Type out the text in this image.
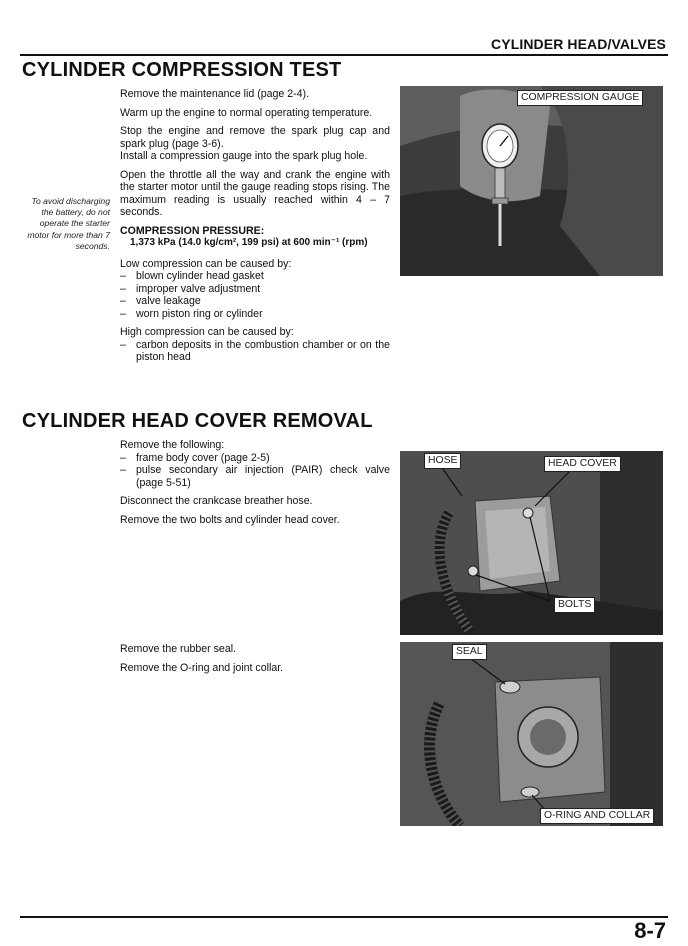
CYLINDER HEAD/VALVES
CYLINDER COMPRESSION TEST

Remove the maintenance lid (page 2-4).

Warm up the engine to normal operating temperature.

Stop the engine and remove the spark plug cap and spark plug (page 3-6).

Install a compression gauge into the spark plug hole.

Open the throttle all the way and crank the engine with the starter motor until the gauge reading stops rising. The maximum reading is usually reached within 4 – 7 seconds.

COMPRESSION PRESSURE:
1,373 kPa (14.0 kg/cm², 199 psi) at 600 min⁻¹ (rpm)

Low compression can be caused by:

– blown cylinder head gasket
– improper valve adjustment
– valve leakage
– worn piston ring or cylinder

High compression can be caused by:

– carbon deposits in the combustion chamber or on the piston head
To avoid discharging the battery, do not operate the starter motor for more than 7 seconds.
COMPRESSION GAUGE
CYLINDER HEAD COVER REMOVAL

Remove the following:

– frame body cover (page 2-5)
– pulse secondary air injection (PAIR) check valve (page 5-51)

Disconnect the crankcase breather hose.

Remove the two bolts and cylinder head cover.

Remove the rubber seal.

Remove the O-ring and joint collar.

HOSE	HEAD COVER
BOLTS
SEAL
O-RING AND COLLAR
8-7
